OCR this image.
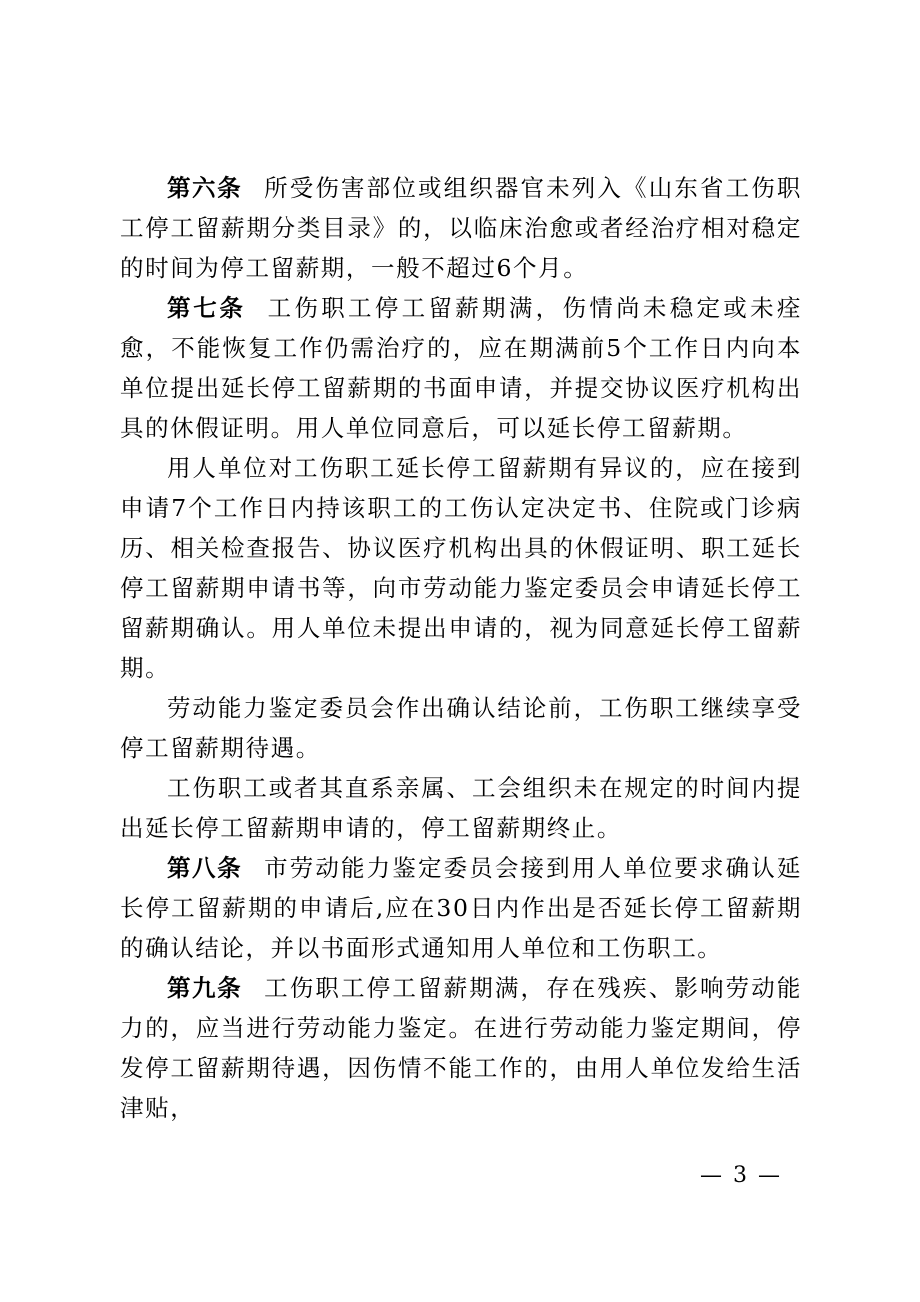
第六条 所受伤害部位或组织器官未列入《山东省工伤职工停工留薪期分类目录》的，以临床治愈或者经治疗相对稳定的时间为停工留薪期，一般不超过6个月。

第七条 工伤职工停工留薪期满，伤情尚未稳定或未痊愈，不能恢复工作仍需治疗的，应在期满前5个工作日内向本单位提出延长停工留薪期的书面申请，并提交协议医疗机构出具的休假证明。用人单位同意后，可以延长停工留薪期。

用人单位对工伤职工延长停工留薪期有异议的，应在接到申请7个工作日内持该职工的工伤认定决定书、住院或门诊病历、相关检查报告、协议医疗机构出具的休假证明、职工延长停工留薪期申请书等，向市劳动能力鉴定委员会申请延长停工留薪期确认。用人单位未提出申请的，视为同意延长停工留薪期。

劳动能力鉴定委员会作出确认结论前，工伤职工继续享受停工留薪期待遇。

工伤职工或者其直系亲属、工会组织未在规定的时间内提出延长停工留薪期申请的，停工留薪期终止。

第八条 市劳动能力鉴定委员会接到用人单位要求确认延长停工留薪期的申请后,应在30日内作出是否延长停工留薪期的确认结论，并以书面形式通知用人单位和工伤职工。

第九条 工伤职工停工留薪期满，存在残疾、影响劳动能力的，应当进行劳动能力鉴定。在进行劳动能力鉴定期间，停发停工留薪期待遇，因伤情不能工作的，由用人单位发给生活津贴，

— 3 —
